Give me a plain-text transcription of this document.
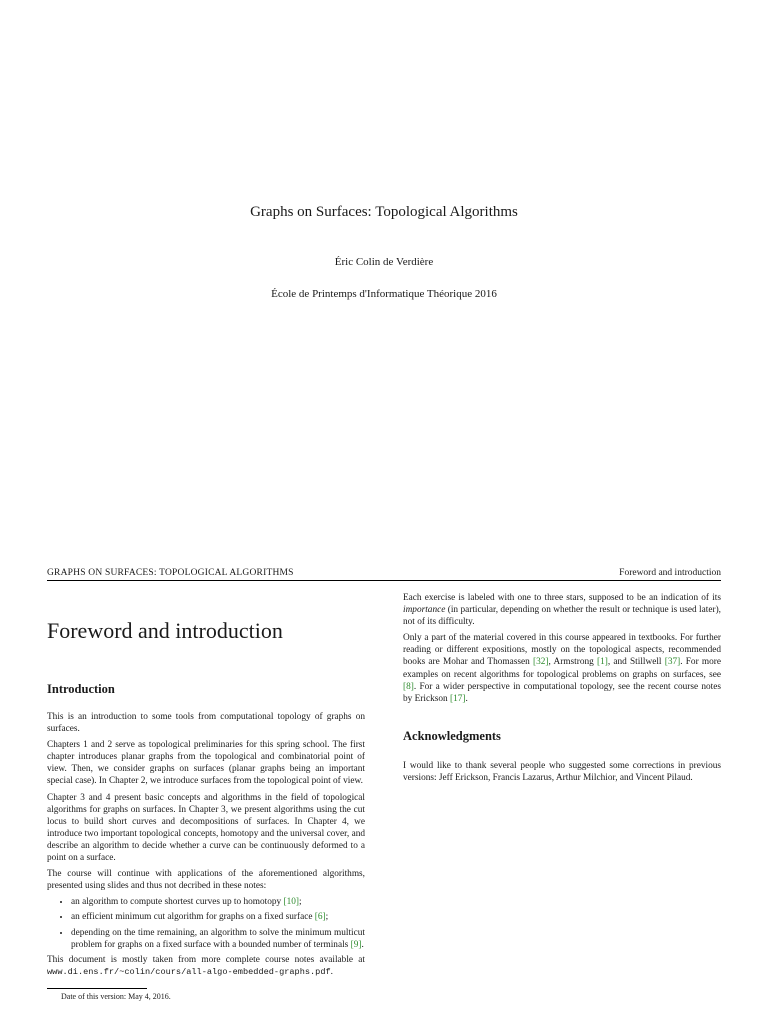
Graphs on Surfaces: Topological Algorithms
Éric Colin de Verdière
École de Printemps d'Informatique Théorique 2016
GRAPHS ON SURFACES: TOPOLOGICAL ALGORITHMS	Foreword and introduction
Foreword and introduction
Introduction

This is an introduction to some tools from computational topology of graphs on surfaces.

Chapters 1 and 2 serve as topological preliminaries for this spring school. The first chapter introduces planar graphs from the topological and combinatorial point of view. Then, we consider graphs on surfaces (planar graphs being an important special case). In Chapter 2, we introduce surfaces from the topological point of view.

Chapter 3 and 4 present basic concepts and algorithms in the field of topological algorithms for graphs on surfaces. In Chapter 3, we present algorithms using the cut locus to build short curves and decompositions of surfaces. In Chapter 4, we introduce two important topological concepts, homotopy and the universal cover, and describe an algorithm to decide whether a curve can be continuously deformed to a point on a surface.

The course will continue with applications of the aforementioned algorithms, presented using slides and thus not decribed in these notes:

• an algorithm to compute shortest curves up to homotopy [10];
• an efficient minimum cut algorithm for graphs on a fixed surface [6];
• depending on the time remaining, an algorithm to solve the minimum multicut problem for graphs on a fixed surface with a bounded number of terminals [9].

This document is mostly taken from more complete course notes available at www.di.ens.fr/~colin/cours/all-algo-embedded-graphs.pdf.

Date of this version: May 4, 2016.

Each exercise is labeled with one to three stars, supposed to be an indication of its importance (in particular, depending on whether the result or technique is used later), not of its difficulty.

Only a part of the material covered in this course appeared in textbooks. For further reading or different expositions, mostly on the topological aspects, recommended books are Mohar and Thomassen [32], Armstrong [1], and Stillwell [37]. For more examples on recent algorithms for topological problems on graphs on surfaces, see [8]. For a wider perspective in computational topology, see the recent course notes by Erickson [17].

Acknowledgments

I would like to thank several people who suggested some corrections in previous versions: Jeff Erickson, Francis Lazarus, Arthur Milchior, and Vincent Pilaud.
